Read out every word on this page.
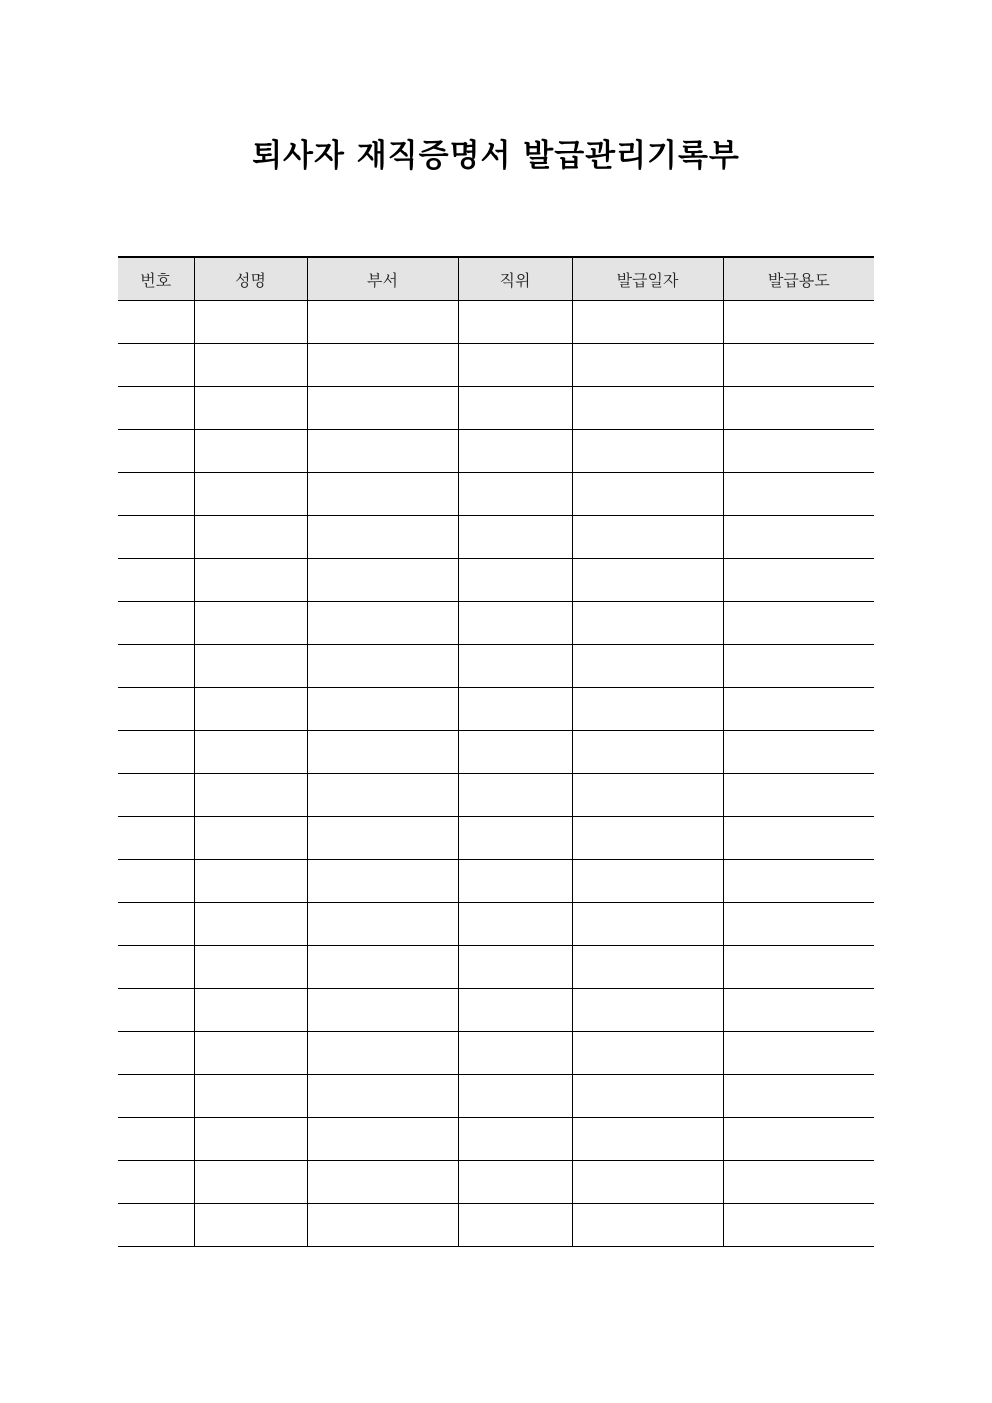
퇴사자 재직증명서 발급관리기록부
번호	성명	부서	직위	발급일자	발급용도
